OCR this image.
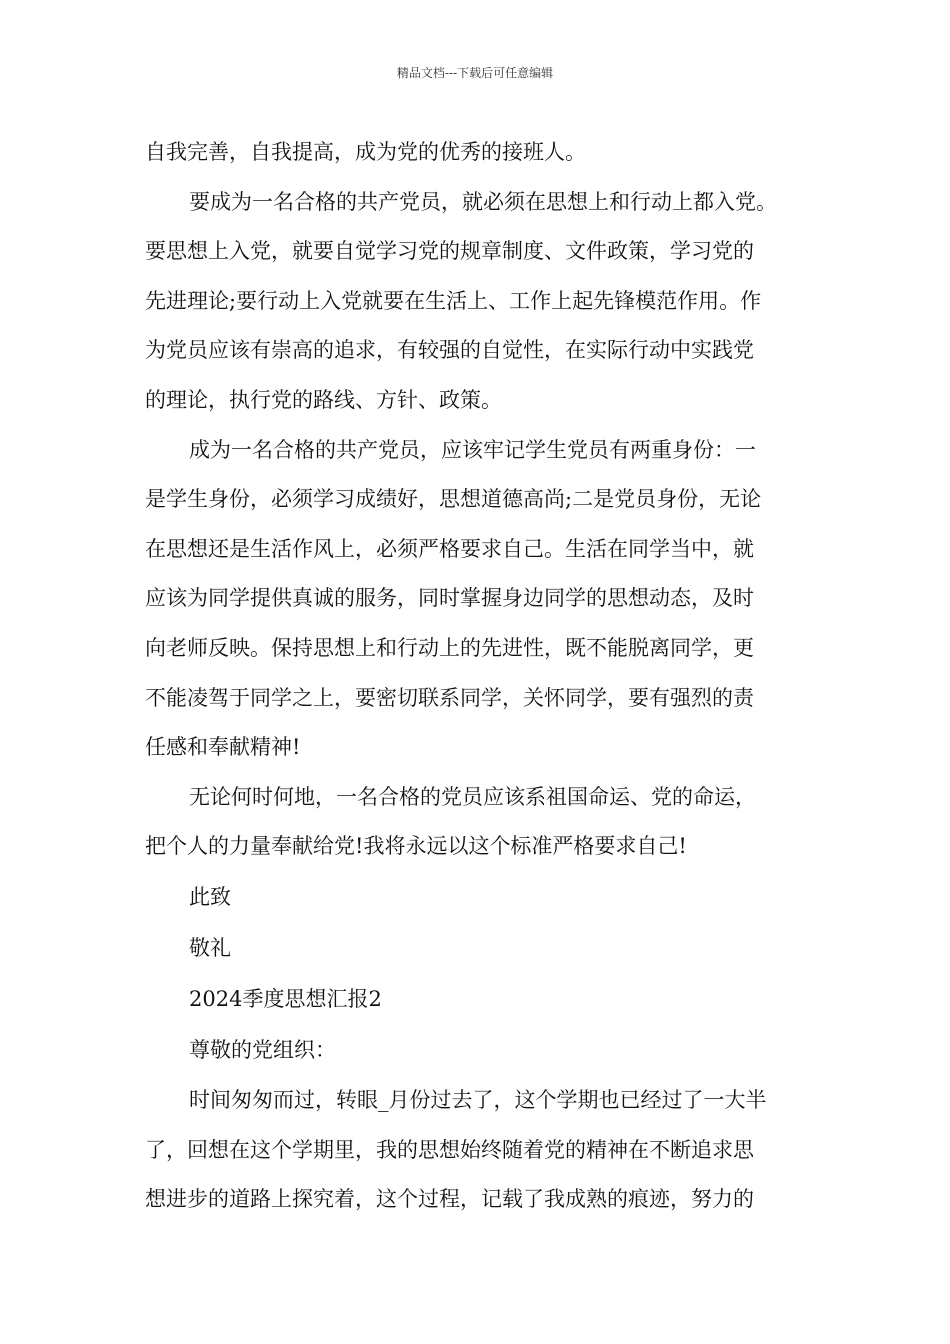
精品文档---下载后可任意编辑
自我完善，自我提高，成为党的优秀的接班人。
要成为一名合格的共产党员，就必须在思想上和行动上都入党。
要思想上入党，就要自觉学习党的规章制度、文件政策，学习党的
先进理论;要行动上入党就要在生活上、工作上起先锋模范作用。作
为党员应该有崇高的追求，有较强的自觉性，在实际行动中实践党
的理论，执行党的路线、方针、政策。
成为一名合格的共产党员，应该牢记学生党员有两重身份：一
是学生身份，必须学习成绩好，思想道德高尚;二是党员身份，无论
在思想还是生活作风上，必须严格要求自己。生活在同学当中，就
应该为同学提供真诚的服务，同时掌握身边同学的思想动态，及时
向老师反映。保持思想上和行动上的先进性，既不能脱离同学，更
不能凌驾于同学之上，要密切联系同学，关怀同学，要有强烈的责
任感和奉献精神!
无论何时何地，一名合格的党员应该系祖国命运、党的命运，
把个人的力量奉献给党!我将永远以这个标准严格要求自己!
此致
敬礼
2024季度思想汇报2
尊敬的党组织：
时间匆匆而过，转眼_月份过去了，这个学期也已经过了一大半
了，回想在这个学期里，我的思想始终随着党的精神在不断追求思
想进步的道路上探究着，这个过程，记载了我成熟的痕迹，努力的
